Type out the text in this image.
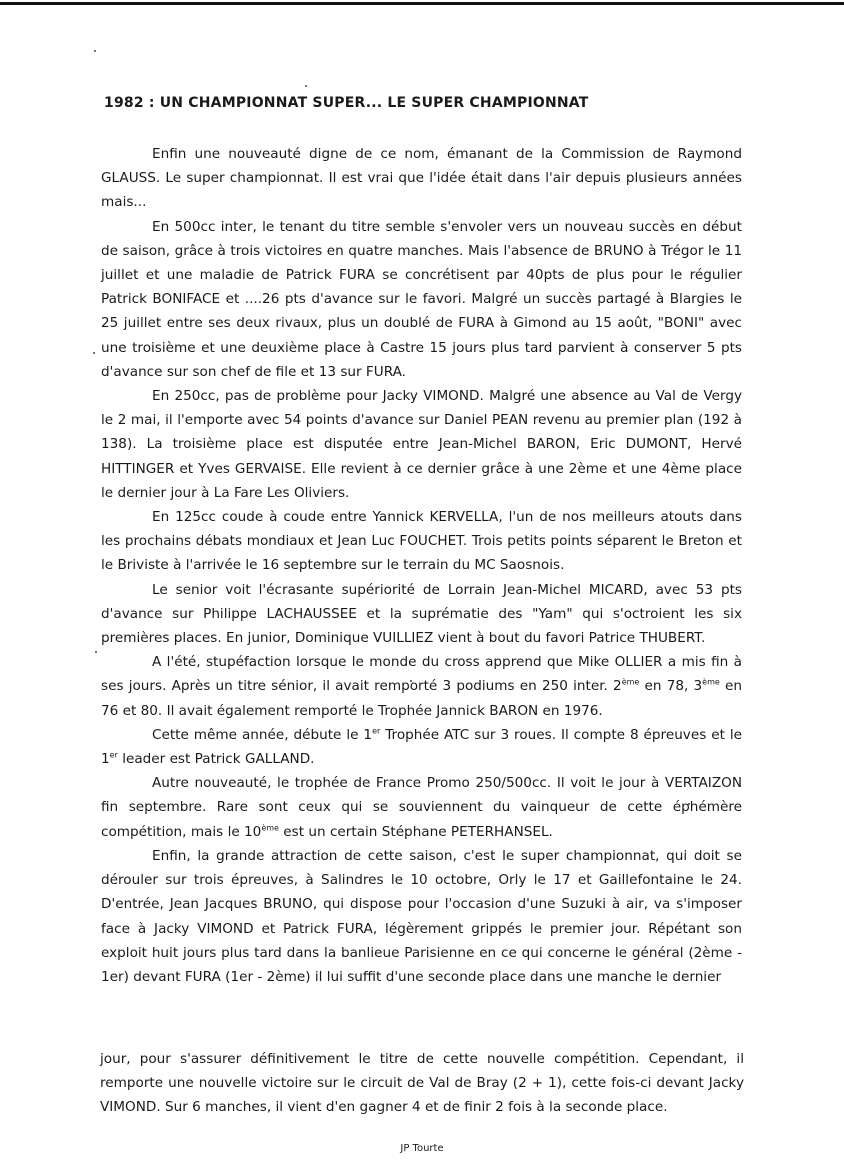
1982 : UN CHAMPIONNAT SUPER... LE SUPER CHAMPIONNAT

Enfin une nouveauté digne de ce nom, émanant de la Commission de Raymond GLAUSS. Le super championnat. Il est vrai que l'idée était dans l'air depuis plusieurs années mais...

En 500cc inter, le tenant du titre semble s'envoler vers un nouveau succès en début de saison, grâce à trois victoires en quatre manches. Mais l'absence de BRUNO à Trégor le 11 juillet et une maladie de Patrick FURA se concrétisent par 40pts de plus pour le régulier Patrick BONIFACE et ....26 pts d'avance sur le favori. Malgré un succès partagé à Blargies le 25 juillet entre ses deux rivaux, plus un doublé de FURA à Gimond au 15 août, "BONI" avec une troisième et une deuxième place à Castre 15 jours plus tard parvient à conserver 5 pts d'avance sur son chef de file et 13 sur FURA.

En 250cc, pas de problème pour Jacky VIMOND. Malgré une absence au Val de Vergy le 2 mai, il l'emporte avec 54 points d'avance sur Daniel PEAN revenu au premier plan (192 à 138). La troisième place est disputée entre Jean-Michel BARON, Eric DUMONT, Hervé HITTINGER et Yves GERVAISE. Elle revient à ce dernier grâce à une 2ème et une 4ème place le dernier jour à La Fare Les Oliviers.

En 125cc coude à coude entre Yannick KERVELLA, l'un de nos meilleurs atouts dans les prochains débats mondiaux et Jean Luc FOUCHET. Trois petits points séparent le Breton et le Briviste à l'arrivée le 16 septembre sur le terrain du MC Saosnois.

Le senior voit l'écrasante supériorité de Lorrain Jean-Michel MICARD, avec 53 pts d'avance sur Philippe LACHAUSSEE et la suprématie des "Yam" qui s'octroient les six premières places. En junior, Dominique VUILLIEZ vient à bout du favori Patrice THUBERT.

A l'été, stupéfaction lorsque le monde du cross apprend que Mike OLLIER a mis fin à ses jours. Après un titre sénior, il avait remporté 3 podiums en 250 inter. 2ème en 78, 3ème en 76 et 80. Il avait également remporté le Trophée Jannick BARON en 1976.

Cette même année, débute le 1er Trophée ATC sur 3 roues. Il compte 8 épreuves et le 1er leader est Patrick GALLAND.

Autre nouveauté, le trophée de France Promo 250/500cc. Il voit le jour à VERTAIZON fin septembre. Rare sont ceux qui se souviennent du vainqueur de cette éphémère compétition, mais le 10ème est un certain Stéphane PETERHANSEL.

Enfin, la grande attraction de cette saison, c'est le super championnat, qui doit se dérouler sur trois épreuves, à Salindres le 10 octobre, Orly le 17 et Gaillefontaine le 24. D'entrée, Jean Jacques BRUNO, qui dispose pour l'occasion d'une Suzuki à air, va s'imposer face à Jacky VIMOND et Patrick FURA, légèrement grippés le premier jour. Répétant son exploit huit jours plus tard dans la banlieue Parisienne en ce qui concerne le général (2ème - 1er) devant FURA (1er - 2ème) il lui suffit d'une seconde place dans une manche le dernier

jour, pour s'assurer définitivement le titre de cette nouvelle compétition. Cependant, il remporte une nouvelle victoire sur le circuit de Val de Bray (2 + 1), cette fois-ci devant Jacky VIMOND. Sur 6 manches, il vient d'en gagner 4 et de finir 2 fois à la seconde place.

JP Tourte
